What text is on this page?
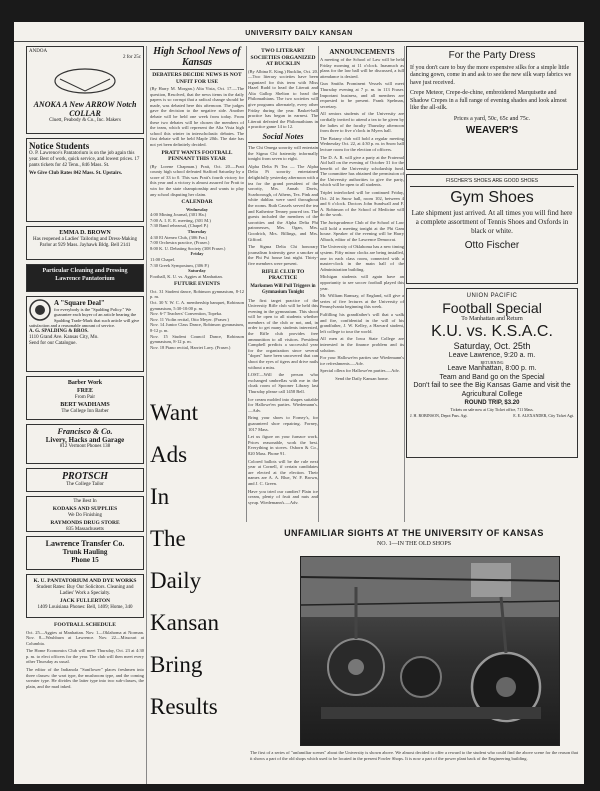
UNIVERSITY DAILY KANSAN
ANDOA
2 for 25c
ANOKA A New ARROW Notch COLLAR
Cluett, Peabody & Co., Inc. Makers
Notice Students
O. P. Lawrence's Pantatorium is on the job again this year. Best of work, quick service, and lowest prices. 17 pants tickets for 42 Tenn., 846 Mass. St.
We Give Club Rates 842 Mass. St. Upstairs.
EMMA D. BROWN
Has reopened a Ladies' Tailoring and Dress-Making Parlor at 929 Mass. Jayhawk Bldg. Bell 2141
Particular Cleaning and Pressing
Lawrence Pantatorium
A "Square Deal"
for everybody is the "Spalding Policy." We guarantee each buyer of an article bearing the Spalding Trade-Mark that such article will give satisfaction and a reasonable amount of service.
A. G. SPALDING & BROS.
1110 Grand Ave. Kansas City, Mo.
Send for our Catalogue.
Barber Work
FREE
From Pair
BERT WADHAMS
The College Inn Barber
Francisco & Co.
Livery, Hacks and Garage
812 Vermont Phones 138
PROTSCH
The College Tailor
The Best In
KODAKS AND SUPPLIES
We Do Finishing
RAYMONDS DRUG STORE
835 Massachusetts
Lawrence Transfer Co.
Trunk Hauling
Phone 15
K. U. PANTATORIUM AND DYE WORKS
Student Rates: Buy Our Solicitors. Cleaning and Ladies' Work a Specialty.
JACK FULLERTON
1409 Louisiana Phones: Bell, 1409; Home, 340
FOOTBALL SCHEDULE
Oct. 25—Aggies at Manhattan. Nov. 1—Oklahoma at Norman. Nov. 8—Washburn at Lawrence. Nov. 22—Missouri at Columbia.
The Home Economics Club will meet Thursday, Oct. 23 at 4:30 p. m. to elect officers for the year. The club will then meet every other Thursday as usual.
The editor of the Indianola "Sunflower" places freshmen into three classes: the wart type, the mushroom type, and the coming sweater type. He divides the latter type into two sub-classes, the plain, and the mad inked.
High School News of Kansas
DEBATERS DECIDE NEWS IS NOT UNFIT FOR USE
(By Harry M. Morgan.) Alta Vista, Oct. 17.—The question, Resolved, that the news items in the daily papers is so corrupt that a radical change should be made, was debated here this afternoon. The judges gave the decision to the negative side. Another debate will be held one week from today. From these two debates will be chosen the members of the team, which will represent the Alta Vista high school this winter in interscholastic debates. The first debate will be held Maple 20th. The date has not yet been definitely decided.
PRATT WANTS FOOTBALL PENNANT THIS YEAR
(By Lorene Chapman.) Pratt, Oct. 20.—Pratt county high school defeated Stafford Saturday by a score of 33 to 0. This was Pratt's fourth victory for this year and a victory is almost assured for Pratt to win for the state championship and wants to play any school disputing her claim.
CALENDAR
Wednesday
4:00 Mining Journal, (301 Ha.)
7:00 A. I. E. E. meeting, (301 M.)
7:30 Band rehearsal, (Chapel P.)
Thursday
4:30 El Ateneo Club, (306 Fra.)
7:00 Orchestra practice, (Fraser.)
8:00 K. U. Debating Society (308 Fraser.)
Friday
11:00 Chapel.
7:30 Greek Symposium, (306 P.)
Saturday
Football, K. U. vs. Aggies at Manhattan.
FUTURE EVENTS
Oct. 31 Student dance, Robinson gymnasium, 8-12 p. m.
Oct. 30 Y. W. C. A. membership banquet, Robinson gymnasium, 5:30-10:00 p. m.
Nov. 6-7 Teachers' Convention, Topeka.
Nov. 11 Violin recital, Otto Meyer. (Fraser.)
Nov. 14 Junior Class Dance, Robinson gymnasium, 8-12 p. m.
Nov. 15 Student Council Dance, Robinson gymnasium, 8-12 p. m.
Nov. 18 Piano recital, Harriet Lavy. (Fraser.)
Want
Ads
In
The
Daily
Kansan
Bring
Results
TWO LITERARY SOCIETIES ORGANIZED AT BUCKLIN
(By Albina E. King.) Bucklin, Oct. 20.—Two literary societies have been organized for this term with Miss Hazel Rudd to head the Literati and Alta Gallop Shelton to head the Philomathians. The two societies will give programs alternately, every other Friday during the year. Basket-ball practice has begun in earnest. The Literati defeated the Philomathians in a practice game 14 to 12.
Social Notes
The Chi Omega sorority will entertain the Sigma Chi fraternity informally tonight from seven to eight.
Alpha Delta Pi Tea — The Alpha Delta Pi sorority entertained delightfully yesterday afternoon with a tea for the grand president of the sorority, Mrs. Annah Davis, Scarborough, of Athens, Tex. Pink and white dahlias were used throughout the rooms. Ruth Cassels served the tea and Katherine Tenney poured tea. The guests included the members of the sororities and the Alpha Delta Phi patronesses, Mrs. Ogan, Mrs. Goodrich, Mrs. Billings, and Mrs. Gifford.
The Sigma Delta Chi honorary journalism fraternity gave a smoker at the Phi Psi house last night. Thirty-five members were present.
RIFLE CLUB TO PRACTICE
Marksmen Will Pull Triggers in Gymnasium Tonight
The first target practice of the University Rifle club will be held this evening in the gymnasium. This shoot will be open to all students whether members of the club or not, and, in order to get many students interested, the Rifle club provides free ammunition to all visitors. President Campbell predicts a successful year for the organization since several "dopes" have been uncovered that can shoot the eyes of tigers and drive nails without a miss.
LOST—Will the person who exchanged umbrellas with me in the cloak room of Spooner Library last Thursday please call 1458 Bell.
Ice cream molded into shapes suitable for Hallowe'en parties. Wiedemann's.—Adv.
Bring your shoes to Forney's, for guaranteed shoe repairing. Forney, 1017 Mass.
Let us figure on your furnace work. Prices reasonable, work the best. Everything in stoves. Osborn & Co., 820 Mass. Phone 91.
Colored ballots will be the rule next year at Cornell, if certain candidates are elected at the election. Their names are A. A. Blue, W. F. Brown, and J. C. Green.
Have you tried our candies? Plain ice cream, plenty of fruit and nuts and syrup. Wiedemann's.—Adv.
ANNOUNCEMENTS
A meeting of the School of Law will be held Friday morning at 11 o'clock. Inasmuch as plans for the law ball will be discussed, a full attendance is desired.
Gun Smiths Prominent Vessels will meet Thursday evening at 7 p. m. in 113 Fraser. Important business, and all members are requested to be present. Frank Spelman, secretary.
All seniors students of the University are cordially invited to attend a tea to be given by the ladies of the faculty Thursday afternoon from three to five o'clock in Myers hall.
The Botany club will hold a regular meeting Wednesday Oct. 22, at 4:30 p. m. in Snow hall lecture room for the election of officers.
The D. A. R. will give a party at the Fraternal Aid hall on the evening of October 31 for the benefit of the University scholarship fund. The committee has obtained the permission of the University authorities to give the party, which will be open to all students.
Triplet interlocked will be continued Friday, Oct. 24 in Snow hall, room 102, between 4 and 6 o'clock. Doctors John Sundwall and F. A. Robinson of the School of Medicine will do the work.
The Jurisprudence Club of the School of Law will hold a meeting tonight at the Phi Gam house. Speaker of the evening will be Harry Albach, editor of the Lawrence Democrat.
The University of Oklahoma has a new timing system. Fifty minor clocks are being installed, one in each class room, connected with a master-clock in the main hall of the Administration building.
Michigan students will again have an opportunity to see soccer football played this year.
Mr. William Ramsay, of England, will give a series of five lectures at the University of Pennsylvania beginning this week.
Fulfilling his grandfather's will that a walk and fire, confidential in the will of his grandfather, J. W. Kelley, a Harvard student, left college to tour the world.
All men at the Iowa State College are interested in the finance problem and its solution.
For your Hallowe'en parties use Wiedemann's ice refreshments.—Adv.
Special ollera for Hallowe'en parties.—Adv.
Send the Daily Kansan home.
For the Party Dress
If you don't care to buy the more expensive silks for a simple little dancing gown, come in and ask to see the new silk warp fabrics we have just received.
Crepe Meteor, Crepe-de-chine, embroidered Marquisette and Shadow Crepes in a full range of evening shades and look almost like the all-silk.
Prices a yard, 50c, 65c and 75c.
WEAVER'S
FISCHER'S SHOES ARE GOOD SHOES
Gym Shoes
Late shipment just arrived. At all times you will find here a complete assortment of Tennis Shoes and Oxfords in black or white.
Otto Fischer
UNION PACIFIC
Football Special
To Manhattan and Return
K.U. vs. K.S.A.C.
Saturday, Oct. 25th
Leave Lawrence, 9:20 a. m.
RETURNING
Leave Manhattan, 8:00 p. m.
Team and Band go on the Special
Don't fail to see the Big Kansas Game and visit the Agricultural College
ROUND TRIP, $3.20
Tickets on sale now at City Ticket office, 711 Mass.
J. H. ROBINSON, Depot Pass. Agt.	E. E. ALEXANDER, City Ticket Agt.
UNFAMILIAR SIGHTS AT THE UNIVERSITY OF KANSAS
NO. 1—IN THE OLD SHOPS
The first of a series of "unfamiliar scenes" about the University is shown above. We almost decided to offer a reward to the student who could find the above scene for the reason that it shows a part of the old shops which used to be located in the present Fowler Shops. It is now a part of the power plant back of the Engineering building.
